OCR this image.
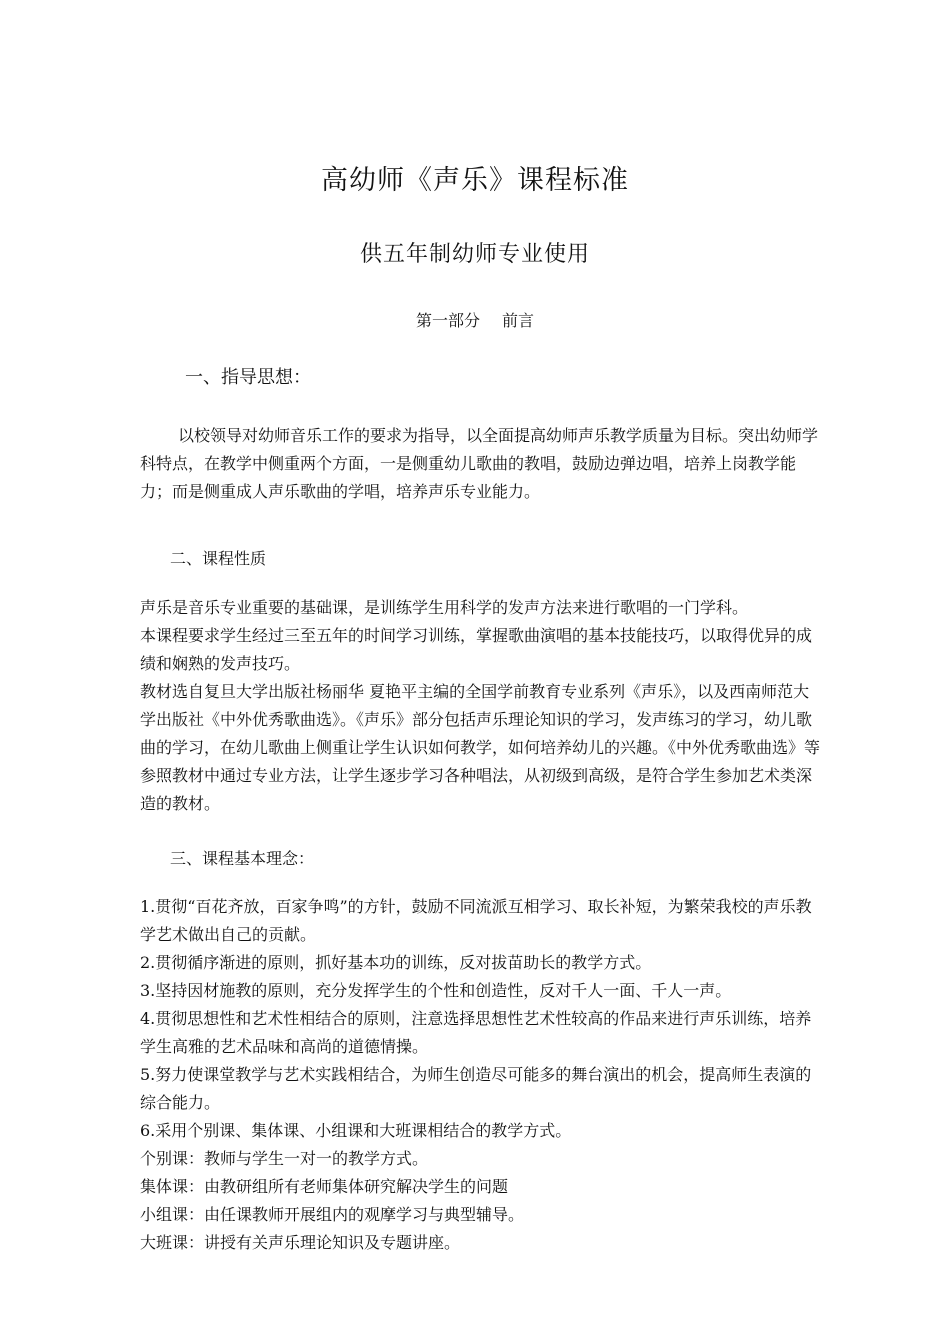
高幼师《声乐》课程标准
供五年制幼师专业使用
第一部分 前言
一、指导思想：
以校领导对幼师音乐工作的要求为指导，以全面提高幼师声乐教学质量为目标。突出幼师学科特点，在教学中侧重两个方面，一是侧重幼儿歌曲的教唱，鼓励边弹边唱，培养上岗教学能力；而是侧重成人声乐歌曲的学唱，培养声乐专业能力。
二、课程性质
声乐是音乐专业重要的基础课，是训练学生用科学的发声方法来进行歌唱的一门学科。
本课程要求学生经过三至五年的时间学习训练，掌握歌曲演唱的基本技能技巧，以取得优异的成绩和娴熟的发声技巧。
教材选自复旦大学出版社杨丽华 夏艳平主编的全国学前教育专业系列《声乐》，以及西南师范大学出版社《中外优秀歌曲选》。《声乐》部分包括声乐理论知识的学习，发声练习的学习，幼儿歌曲的学习，在幼儿歌曲上侧重让学生认识如何教学，如何培养幼儿的兴趣。《中外优秀歌曲选》等参照教材中通过专业方法，让学生逐步学习各种唱法，从初级到高级，是符合学生参加艺术类深造的教材。
三、课程基本理念：
1.贯彻“百花齐放，百家争鸣”的方针，鼓励不同流派互相学习、取长补短，为繁荣我校的声乐教学艺术做出自己的贡献。
2.贯彻循序渐进的原则，抓好基本功的训练，反对拔苗助长的教学方式。
3.坚持因材施教的原则，充分发挥学生的个性和创造性，反对千人一面、千人一声。
4.贯彻思想性和艺术性相结合的原则，注意选择思想性艺术性较高的作品来进行声乐训练，培养学生高雅的艺术品味和高尚的道德情操。
5.努力使课堂教学与艺术实践相结合，为师生创造尽可能多的舞台演出的机会，提高师生表演的综合能力。
6.采用个别课、集体课、小组课和大班课相结合的教学方式。
个别课：教师与学生一对一的教学方式。
集体课：由教研组所有老师集体研究解决学生的问题
小组课：由任课教师开展组内的观摩学习与典型辅导。
大班课：讲授有关声乐理论知识及专题讲座。
